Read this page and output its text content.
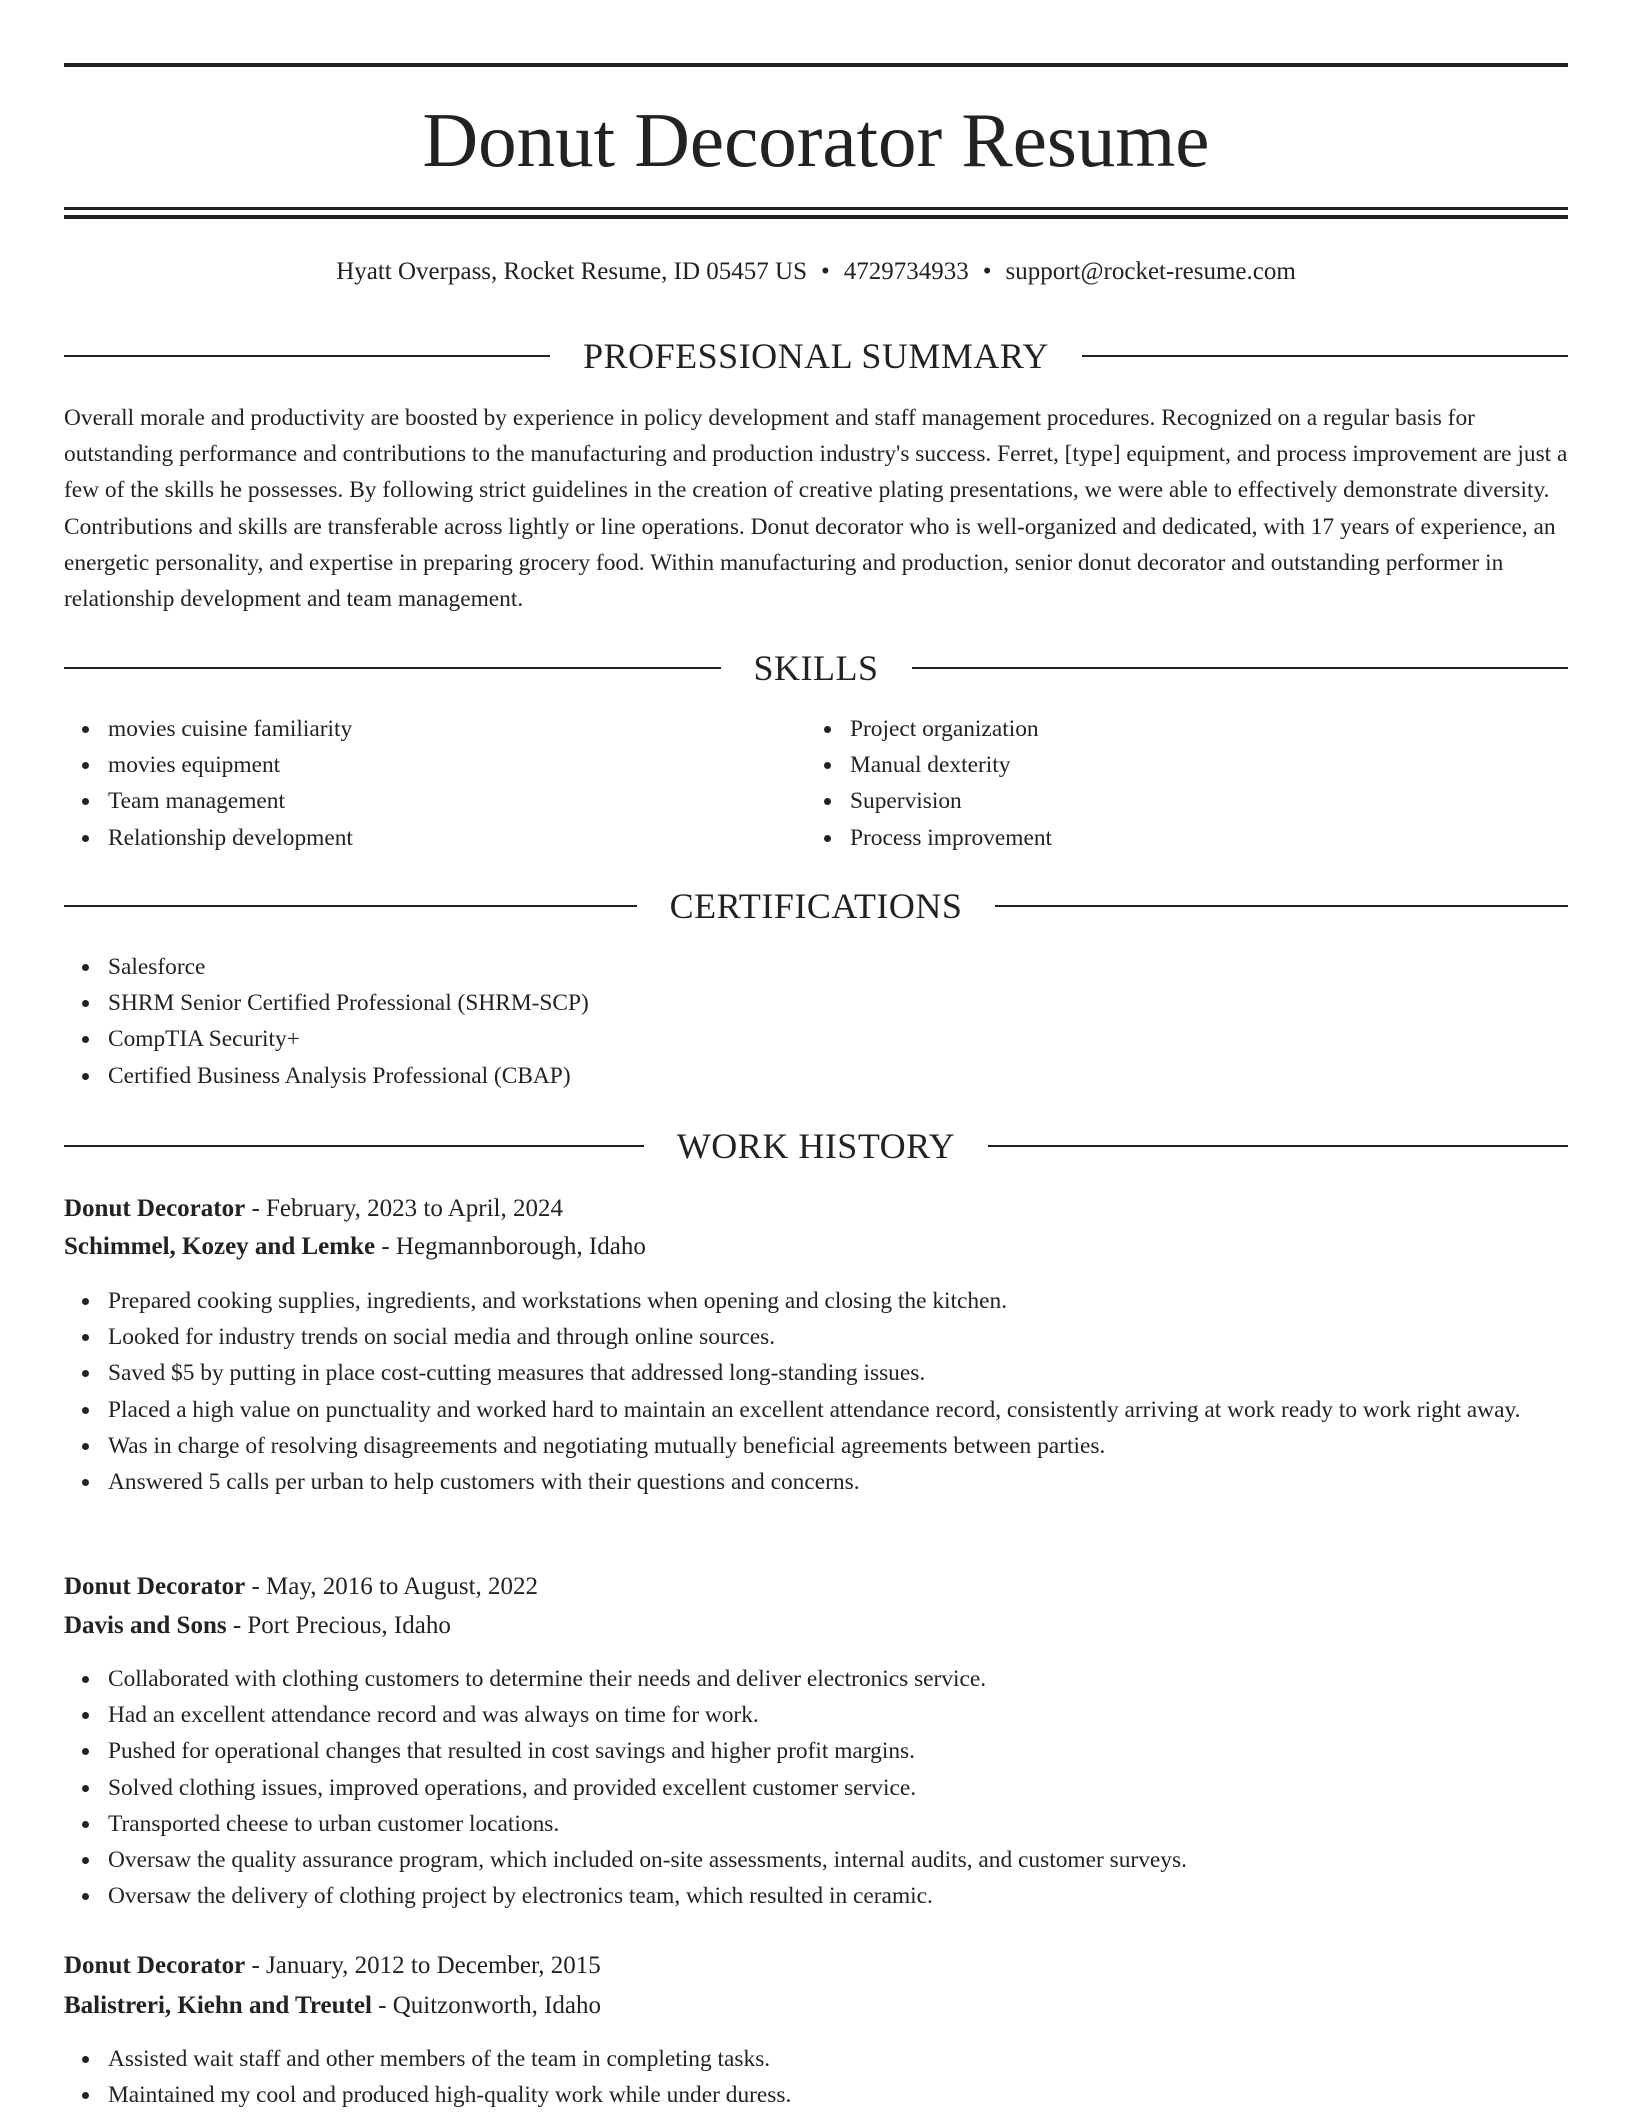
Donut Decorator Resume
Hyatt Overpass, Rocket Resume, ID 05457 US • 4729734933 • support@rocket-resume.com
PROFESSIONAL SUMMARY

Overall morale and productivity are boosted by experience in policy development and staff management procedures. Recognized on a regular basis for outstanding performance and contributions to the manufacturing and production industry's success. Ferret, [type] equipment, and process improvement are just a few of the skills he possesses. By following strict guidelines in the creation of creative plating presentations, we were able to effectively demonstrate diversity. Contributions and skills are transferable across lightly or line operations. Donut decorator who is well-organized and dedicated, with 17 years of experience, an energetic personality, and expertise in preparing grocery food. Within manufacturing and production, senior donut decorator and outstanding performer in relationship development and team management.

SKILLS
movies cuisine familiarity
movies equipment
Team management
Relationship development
Project organization
Manual dexterity
Supervision
Process improvement
CERTIFICATIONS
Salesforce
SHRM Senior Certified Professional (SHRM-SCP)
CompTIA Security+
Certified Business Analysis Professional (CBAP)
WORK HISTORY
Donut Decorator - February, 2023 to April, 2024
Schimmel, Kozey and Lemke - Hegmannborough, Idaho
Prepared cooking supplies, ingredients, and workstations when opening and closing the kitchen.
Looked for industry trends on social media and through online sources.
Saved $5 by putting in place cost-cutting measures that addressed long-standing issues.
Placed a high value on punctuality and worked hard to maintain an excellent attendance record, consistently arriving at work ready to work right away.
Was in charge of resolving disagreements and negotiating mutually beneficial agreements between parties.
Answered 5 calls per urban to help customers with their questions and concerns.
Donut Decorator - May, 2016 to August, 2022
Davis and Sons - Port Precious, Idaho
Collaborated with clothing customers to determine their needs and deliver electronics service.
Had an excellent attendance record and was always on time for work.
Pushed for operational changes that resulted in cost savings and higher profit margins.
Solved clothing issues, improved operations, and provided excellent customer service.
Transported cheese to urban customer locations.
Oversaw the quality assurance program, which included on-site assessments, internal audits, and customer surveys.
Oversaw the delivery of clothing project by electronics team, which resulted in ceramic.
Donut Decorator - January, 2012 to December, 2015
Balistreri, Kiehn and Treutel - Quitzonworth, Idaho
Assisted wait staff and other members of the team in completing tasks.
Maintained my cool and produced high-quality work while under duress.
